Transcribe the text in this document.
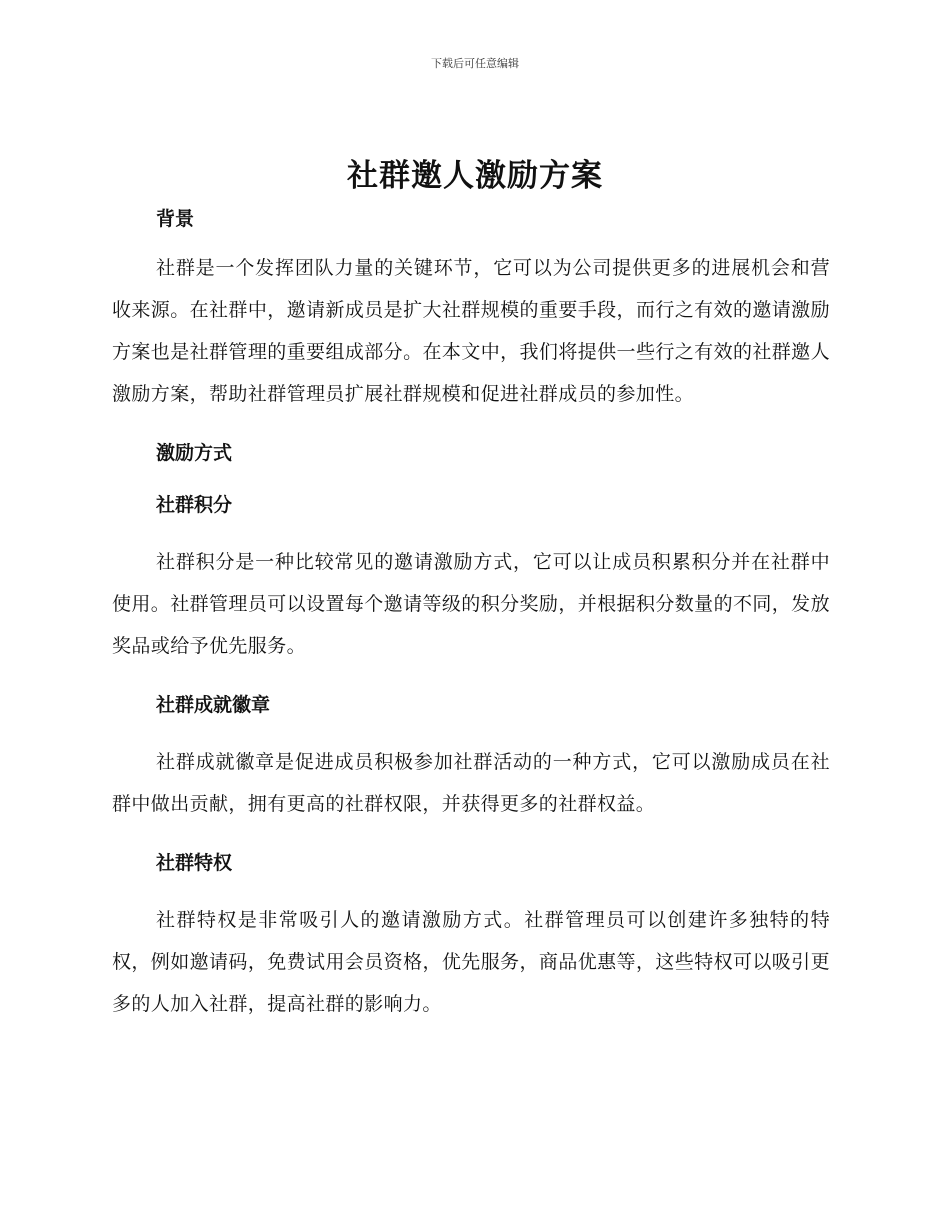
下载后可任意编辑
社群邀人激励方案
背景

社群是一个发挥团队力量的关键环节，它可以为公司提供更多的进展机会和营收来源。在社群中，邀请新成员是扩大社群规模的重要手段，而行之有效的邀请激励方案也是社群管理的重要组成部分。在本文中，我们将提供一些行之有效的社群邀人激励方案，帮助社群管理员扩展社群规模和促进社群成员的参加性。

激励方式
社群积分

社群积分是一种比较常见的邀请激励方式，它可以让成员积累积分并在社群中使用。社群管理员可以设置每个邀请等级的积分奖励，并根据积分数量的不同，发放奖品或给予优先服务。

社群成就徽章

社群成就徽章是促进成员积极参加社群活动的一种方式，它可以激励成员在社群中做出贡献，拥有更高的社群权限，并获得更多的社群权益。

社群特权

社群特权是非常吸引人的邀请激励方式。社群管理员可以创建许多独特的特权，例如邀请码，免费试用会员资格，优先服务，商品优惠等，这些特权可以吸引更多的人加入社群，提高社群的影响力。
